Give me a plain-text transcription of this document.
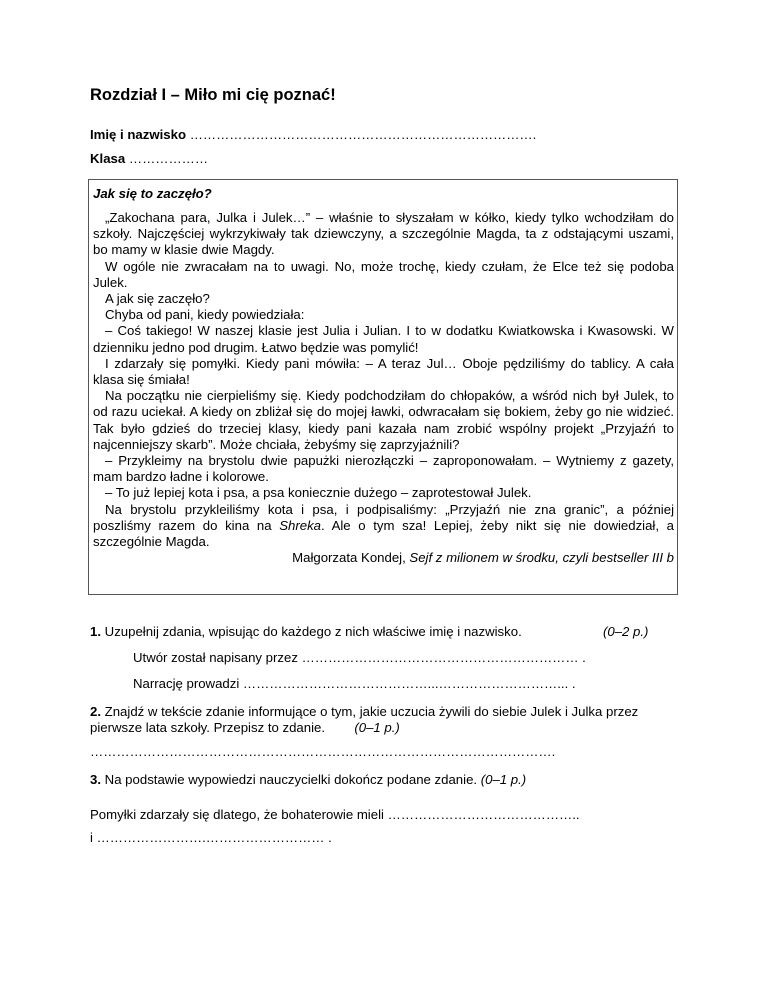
Rozdział I – Miło mi cię poznać!
Imię i nazwisko …………………………………………………………………….
Klasa ………………

Jak się to zaczęło?

„Zakochana para, Julka i Julek…” – właśnie to słyszałam w kółko, kiedy tylko wchodziłam do szkoły. Najczęściej wykrzykiwały tak dziewczyny, a szczególnie Magda, ta z odstającymi uszami, bo mamy w klasie dwie Magdy.

W ogóle nie zwracałam na to uwagi. No, może trochę, kiedy czułam, że Elce też się podoba Julek.

A jak się zaczęło?

Chyba od pani, kiedy powiedziała:

– Coś takiego! W naszej klasie jest Julia i Julian. I to w dodatku Kwiatkowska i Kwasowski. W dzienniku jedno pod drugim. Łatwo będzie was pomylić!

I zdarzały się pomyłki. Kiedy pani mówiła: – A teraz Jul… Oboje pędziliśmy do tablicy. A cała klasa się śmiała!

Na początku nie cierpieliśmy się. Kiedy podchodziłam do chłopaków, a wśród nich był Julek, to od razu uciekał. A kiedy on zbliżał się do mojej ławki, odwracałam się bokiem, żeby go nie widzieć. Tak było gdzieś do trzeciej klasy, kiedy pani kazała nam zrobić wspólny projekt „Przyjaźń to najcenniejszy skarb”. Może chciała, żebyśmy się zaprzyjaźnili?

– Przykleimy na brystolu dwie papużki nierozłączki – zaproponowałam. – Wytniemy z gazety, mam bardzo ładne i kolorowe.

– To już lepiej kota i psa, a psa koniecznie dużego – zaprotestował Julek.

Na brystolu przykleiliśmy kota i psa, i podpisaliśmy: „Przyjaźń nie zna granic”, a później poszliśmy razem do kina na Shreka. Ale o tym sza! Lepiej, żeby nikt się nie dowiedział, a szczególnie Magda.

Małgorzata Kondej, Sejf z milionem w środku, czyli bestseller III b

1. Uzupełnij zdania, wpisując do każdego z nich właściwe imię i nazwisko.	(0–2 p.)
Utwór został napisany przez ……………………………………………………… .
Narrację prowadzi ……………………………………...………………………... .
2. Znajdź w tekście zdanie informujące o tym, jakie uczucia żywili do siebie Julek i Julka przez pierwsze lata szkoły. Przepisz to zdanie. (0–1 p.)
…………………………………………………………………………………………….
3. Na podstawie wypowiedzi nauczycielki dokończ podane zdanie. (0–1 p.)
Pomyłki zdarzały się dlatego, że bohaterowie mieli ……………………………………..
i …………………….……………………… .
